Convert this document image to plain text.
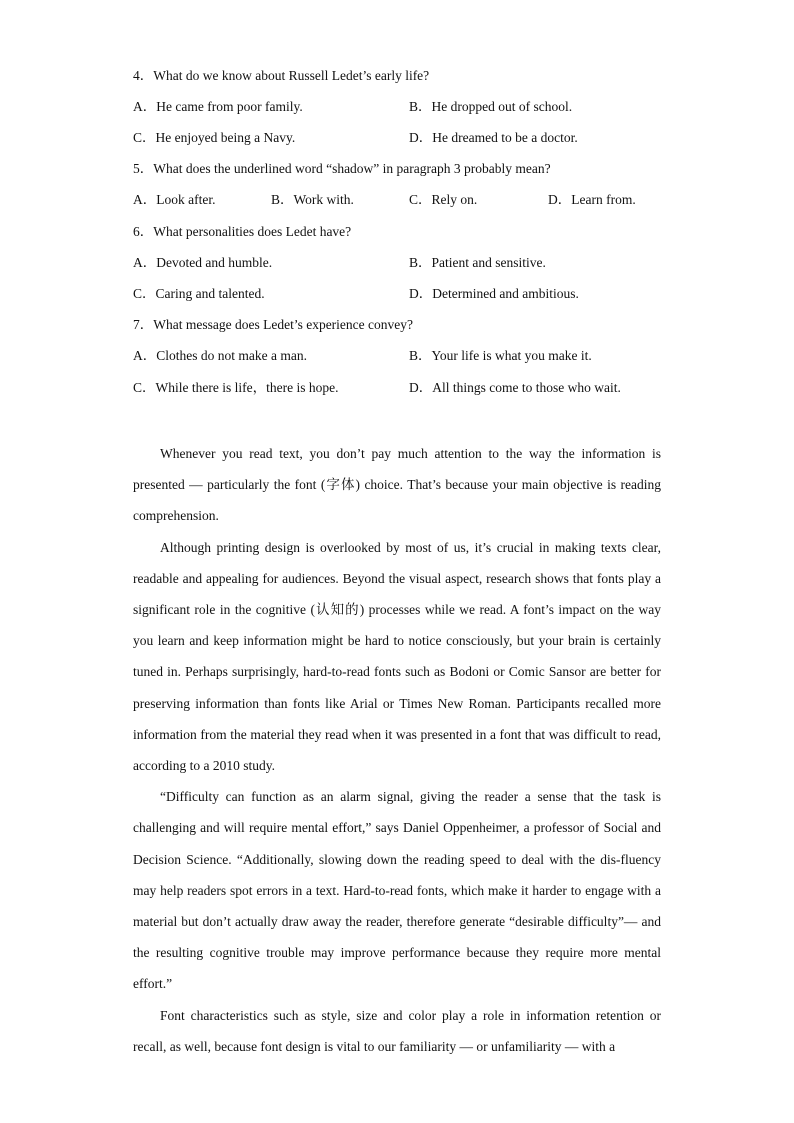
4．What do we know about Russell Ledet’s early life?
A．He came from poor family.	B．He dropped out of school.
C．He enjoyed being a Navy.	D．He dreamed to be a doctor.
5．What does the underlined word “shadow” in paragraph 3 probably mean?
A．Look after.	B．Work with.	C．Rely on.	D．Learn from.
6．What personalities does Ledet have?
A．Devoted and humble.	B．Patient and sensitive.
C．Caring and talented.	D．Determined and ambitious.
7．What message does Ledet’s experience convey?
A．Clothes do not make a man.	B．Your life is what you make it.
C．While there is life，there is hope.	D．All things come to those who wait.

Whenever you read text, you don’t pay much attention to the way the information is presented — particularly the font (字体) choice. That’s because your main objective is reading comprehension.

Although printing design is overlooked by most of us, it’s crucial in making texts clear, readable and appealing for audiences. Beyond the visual aspect, research shows that fonts play a significant role in the cognitive (认知的) processes while we read. A font’s impact on the way you learn and keep information might be hard to notice consciously, but your brain is certainly tuned in. Perhaps surprisingly, hard-to-read fonts such as Bodoni or Comic Sansor are better for preserving information than fonts like Arial or Times New Roman. Participants recalled more information from the material they read when it was presented in a font that was difficult to read, according to a 2010 study.

“Difficulty can function as an alarm signal, giving the reader a sense that the task is challenging and will require mental effort,” says Daniel Oppenheimer, a professor of Social and Decision Science. “Additionally, slowing down the reading speed to deal with the dis-fluency may help readers spot errors in a text. Hard-to-read fonts, which make it harder to engage with a material but don’t actually draw away the reader, therefore generate “desirable difficulty”— and the resulting cognitive trouble may improve performance because they require more mental effort.”

Font characteristics such as style, size and color play a role in information retention or recall, as well, because font design is vital to our familiarity — or unfamiliarity — with a
